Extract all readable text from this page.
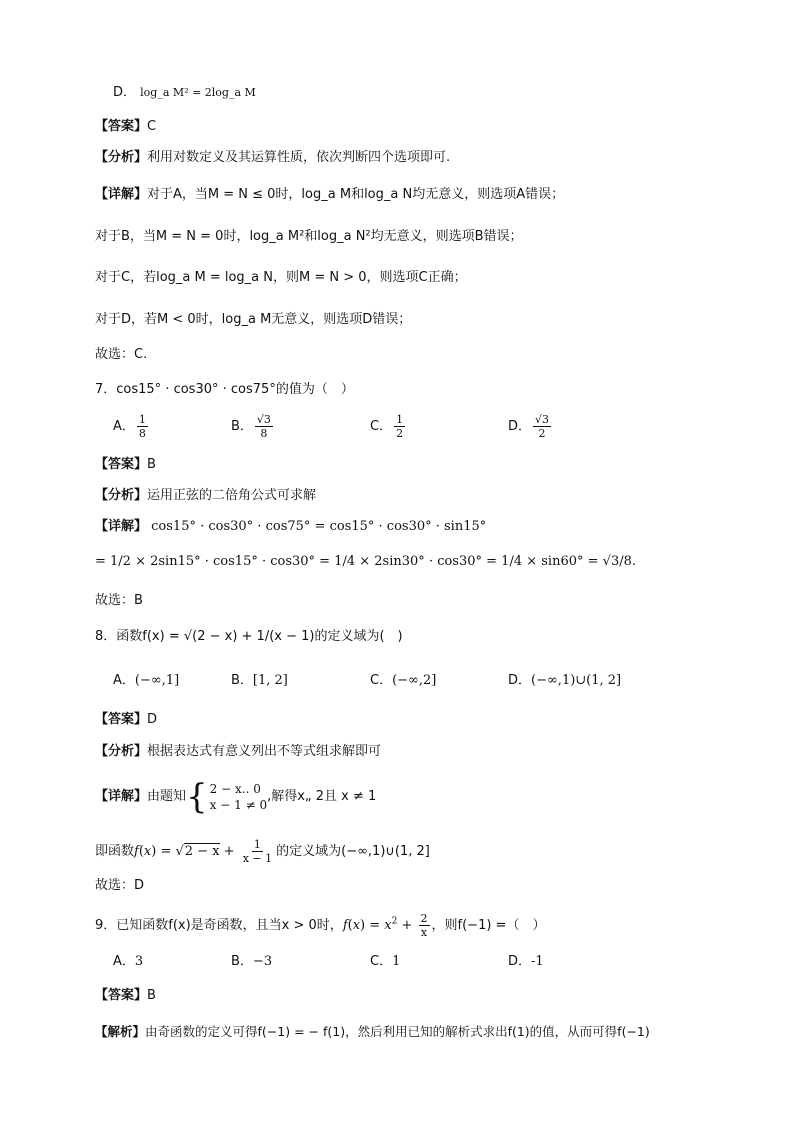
D． log_a M² = 2log_a M
【答案】C
【分析】利用对数定义及其运算性质，依次判断四个选项即可.
【详解】对于A，当M = N ≤ 0时，log_a M和log_a N均无意义，则选项A错误；
对于B，当M = N = 0时，log_a M²和log_a N²均无意义，则选项B错误；
对于C，若log_a M = log_a N，则M = N > 0，则选项C正确；
对于D，若M < 0时，log_a M无意义，则选项D错误；
故选：C.
7．cos15° · cos30° · cos75°的值为（　）
A． $\frac{1}{8}$	B． $\frac{√3}{8}$	C． $\frac{1}{2}$	D． $\frac{√3}{2}$
【答案】B
【分析】运用正弦的二倍角公式可求解
【详解】 cos15° · cos30° · cos75° = cos15° · cos30° · sin15°
= 1/2 × 2sin15° · cos15° · cos30° = 1/4 × 2sin30° · cos30° = 1/4 × sin60° = √3/8.
故选：B
8．函数f(x) = √(2 − x) + 1/(x − 1)的定义域为(　)
A．(−∞,1]	B．[1, 2]	C．(−∞,2]	D．(−∞,1)∪(1, 2]
【答案】D
【分析】根据表达式有意义列出不等式组求解即可
【详解】由题知 { 2 − x.. 0
x − 1 ≠ 0
,解得x„ 2且 x ≠ 1
即函数$f(x) = √2 - x + \frac{1}{x - 1}$ 的定义域为(−∞,1)∪(1, 2]
故选：D
9．已知函数f(x)是奇函数，且当x > 0时，$f(x) = x^2 + \frac{2}{x}$ ，则f(−1) =（　）
A．3	B．−3	C．1	D．-1
【答案】B
【解析】由奇函数的定义可得f(−1) = − f(1)，然后利用已知的解析式求出f(1)的值，从而可得f(−1)
